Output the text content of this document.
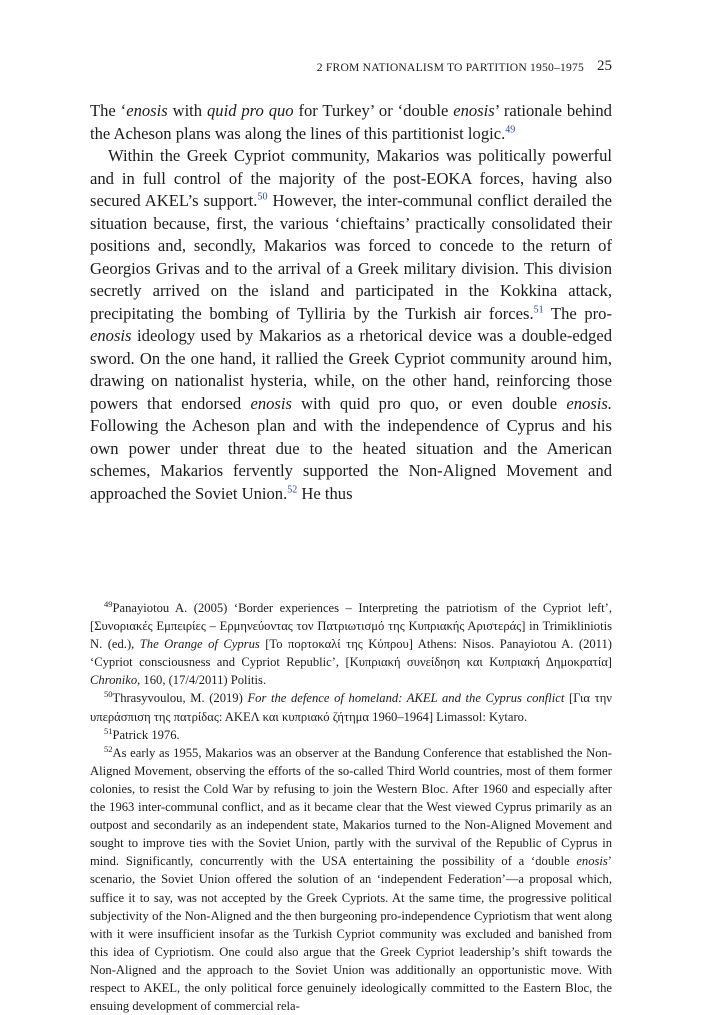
2 FROM NATIONALISM TO PARTITION 1950–1975 25

The ‘enosis with quid pro quo for Turkey’ or ‘double enosis’ rationale behind the Acheson plans was along the lines of this partitionist logic.$^{49}$

Within the Greek Cypriot community, Makarios was politically powerful and in full control of the majority of the post-EOKA forces, having also secured AKEL’s support.$^{50}$ However, the inter-communal conflict derailed the situation because, first, the various ‘chieftains’ practically consolidated their positions and, secondly, Makarios was forced to concede to the return of Georgios Grivas and to the arrival of a Greek military division. This division secretly arrived on the island and participated in the Kokkina attack, precipitating the bombing of Tylliria by the Turkish air forces.$^{51}$ The pro-enosis ideology used by Makarios as a rhetorical device was a double-edged sword. On the one hand, it rallied the Greek Cypriot community around him, drawing on nationalist hysteria, while, on the other hand, reinforcing those powers that endorsed enosis with quid pro quo, or even double enosis. Following the Acheson plan and with the independence of Cyprus and his own power under threat due to the heated situation and the American schemes, Makarios fervently supported the Non-Aligned Movement and approached the Soviet Union.$^{52}$ He thus

$^{49}$Panayiotou A. (2005) ‘Border experiences – Interpreting the patriotism of the Cypriot left’, [Συνοριακές Εμπειρίες – Ερμηνεύοντας τον Πατριωτισμό της Κυπριακής Αριστεράς] in Trimikliniotis N. (ed.), The Orange of Cyprus [Το πορτοκαλί της Κύπρου] Athens: Nisos. Panayiotou A. (2011) ‘Cypriot consciousness and Cypriot Republic’, [Κυπριακή συνείδηση και Κυπριακή Δημοκρατία] Chroniko, 160, (17/4/2011) Politis.

$^{50}$Thrasyvoulou, M. (2019) For the defence of homeland: AKEL and the Cyprus conflict [Για την υπεράσπιση της πατρίδας: ΑΚΕΛ και κυπριακό ζήτημα 1960–1964] Limassol: Kytaro.

$^{51}$Patrick 1976.

$^{52}$As early as 1955, Makarios was an observer at the Bandung Conference that established the Non-Aligned Movement, observing the efforts of the so-called Third World countries, most of them former colonies, to resist the Cold War by refusing to join the Western Bloc. After 1960 and especially after the 1963 inter-communal conflict, and as it became clear that the West viewed Cyprus primarily as an outpost and secondarily as an independent state, Makarios turned to the Non-Aligned Movement and sought to improve ties with the Soviet Union, partly with the survival of the Republic of Cyprus in mind. Significantly, concurrently with the USA entertaining the possibility of a ‘double enosis’ scenario, the Soviet Union offered the solution of an ‘independent Federation’—a proposal which, suffice it to say, was not accepted by the Greek Cypriots. At the same time, the progressive political subjectivity of the Non-Aligned and the then burgeoning pro-independence Cypriotism that went along with it were insufficient insofar as the Turkish Cypriot community was excluded and banished from this idea of Cypriotism. One could also argue that the Greek Cypriot leadership’s shift towards the Non-Aligned and the approach to the Soviet Union was additionally an opportunistic move. With respect to AKEL, the only political force genuinely ideologically committed to the Eastern Bloc, the ensuing development of commercial rela-
